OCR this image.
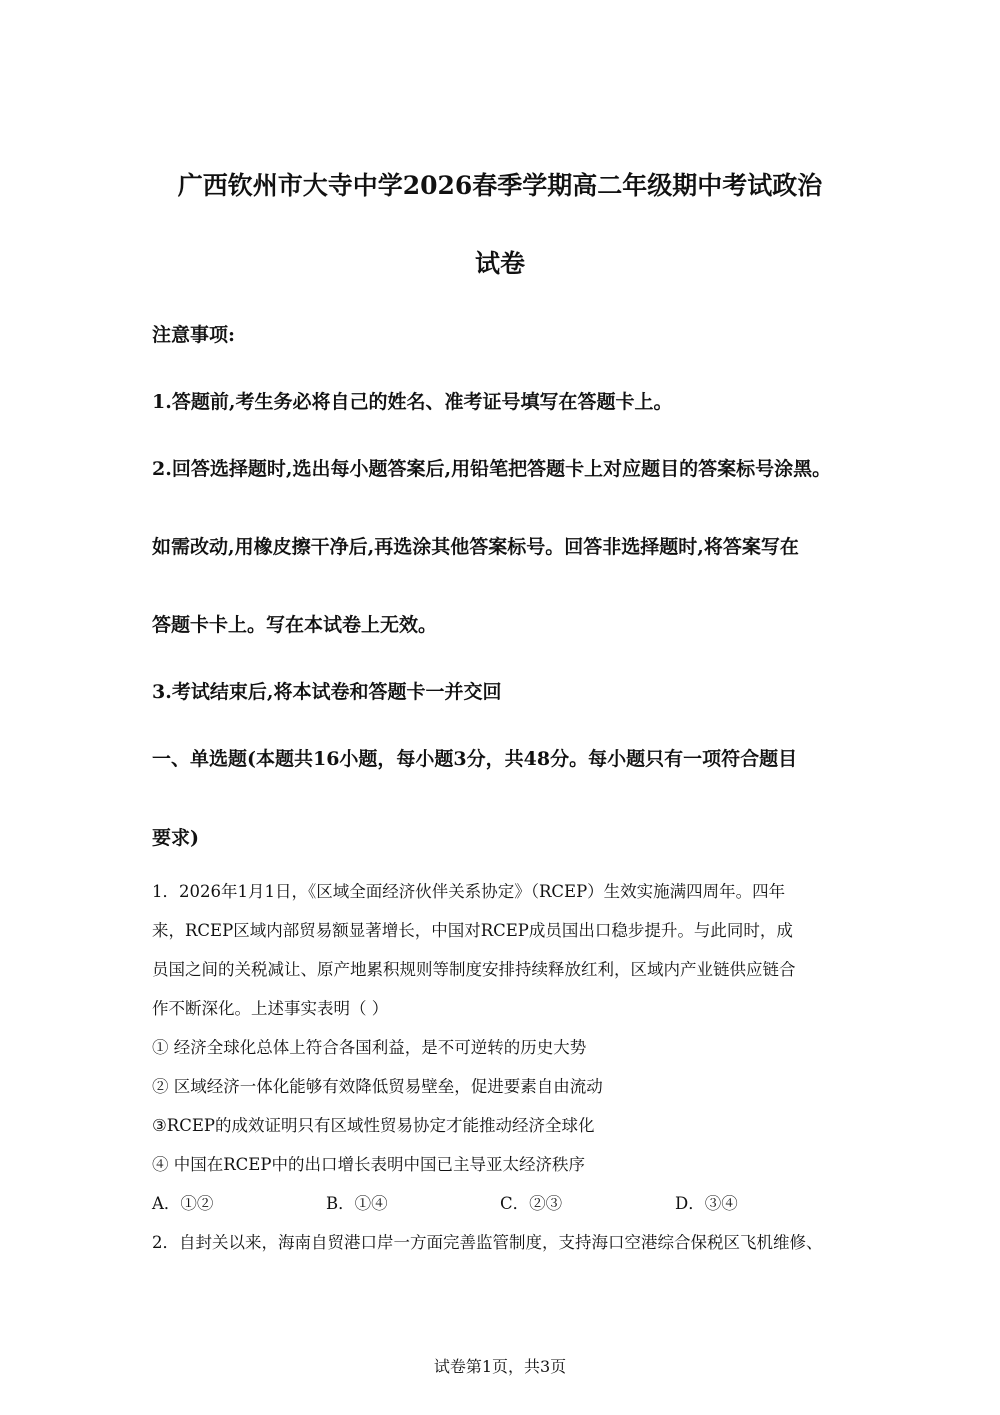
广西钦州市大寺中学2026春季学期高二年级期中考试政治
试卷
注意事项:
1.答题前,考生务必将自己的姓名、准考证号填写在答题卡上。
2.回答选择题时,选出每小题答案后,用铅笔把答题卡上对应题目的答案标号涂黑。
如需改动,用橡皮擦干净后,再选涂其他答案标号。回答非选择题时,将答案写在
答题卡卡上。写在本试卷上无效。
3.考试结束后,将本试卷和答题卡一并交回
一、单选题(本题共16小题，每小题3分，共48分。每小题只有一项符合题目
要求)
1．2026年1月1日，《区域全面经济伙伴关系协定》（RCEP）生效实施满四周年。四年
来，RCEP区域内部贸易额显著增长，中国对RCEP成员国出口稳步提升。与此同时，成
员国之间的关税减让、原产地累积规则等制度安排持续释放红利，区域内产业链供应链合
作不断深化。上述事实表明（ ）
① 经济全球化总体上符合各国利益，是不可逆转的历史大势
② 区域经济一体化能够有效降低贸易壁垒，促进要素自由流动
③RCEP的成效证明只有区域性贸易协定才能推动经济全球化
④ 中国在RCEP中的出口增长表明中国已主导亚太经济秩序
A．①②	B．①④	C．②③	D．③④
2．自封关以来，海南自贸港口岸一方面完善监管制度，支持海口空港综合保税区飞机维修、
试卷第1页，共3页
